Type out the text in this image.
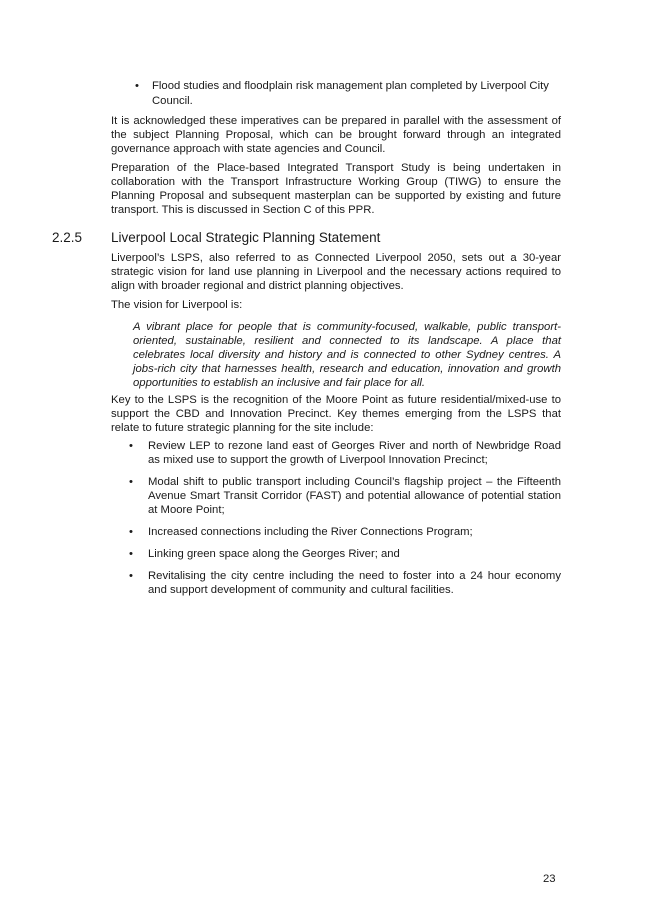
• Flood studies and floodplain risk management plan completed by Liverpool City Council.

It is acknowledged these imperatives can be prepared in parallel with the assessment of the subject Planning Proposal, which can be brought forward through an integrated governance approach with state agencies and Council.

Preparation of the Place-based Integrated Transport Study is being undertaken in collaboration with the Transport Infrastructure Working Group (TIWG) to ensure the Planning Proposal and subsequent masterplan can be supported by existing and future transport. This is discussed in Section C of this PPR.

2.2.5 Liverpool Local Strategic Planning Statement

Liverpool’s LSPS, also referred to as Connected Liverpool 2050, sets out a 30-year strategic vision for land use planning in Liverpool and the necessary actions required to align with broader regional and district planning objectives.

The vision for Liverpool is:

A vibrant place for people that is community-focused, walkable, public transport-oriented, sustainable, resilient and connected to its landscape. A place that celebrates local diversity and history and is connected to other Sydney centres. A jobs-rich city that harnesses health, research and education, innovation and growth opportunities to establish an inclusive and fair place for all.

Key to the LSPS is the recognition of the Moore Point as future residential/mixed-use to support the CBD and Innovation Precinct. Key themes emerging from the LSPS that relate to future strategic planning for the site include:

• Review LEP to rezone land east of Georges River and north of Newbridge Road as mixed use to support the growth of Liverpool Innovation Precinct;
• Modal shift to public transport including Council’s flagship project – the Fifteenth Avenue Smart Transit Corridor (FAST) and potential allowance of potential station at Moore Point;
• Increased connections including the River Connections Program;
• Linking green space along the Georges River; and
• Revitalising the city centre including the need to foster into a 24 hour economy and support development of community and cultural facilities.
23
